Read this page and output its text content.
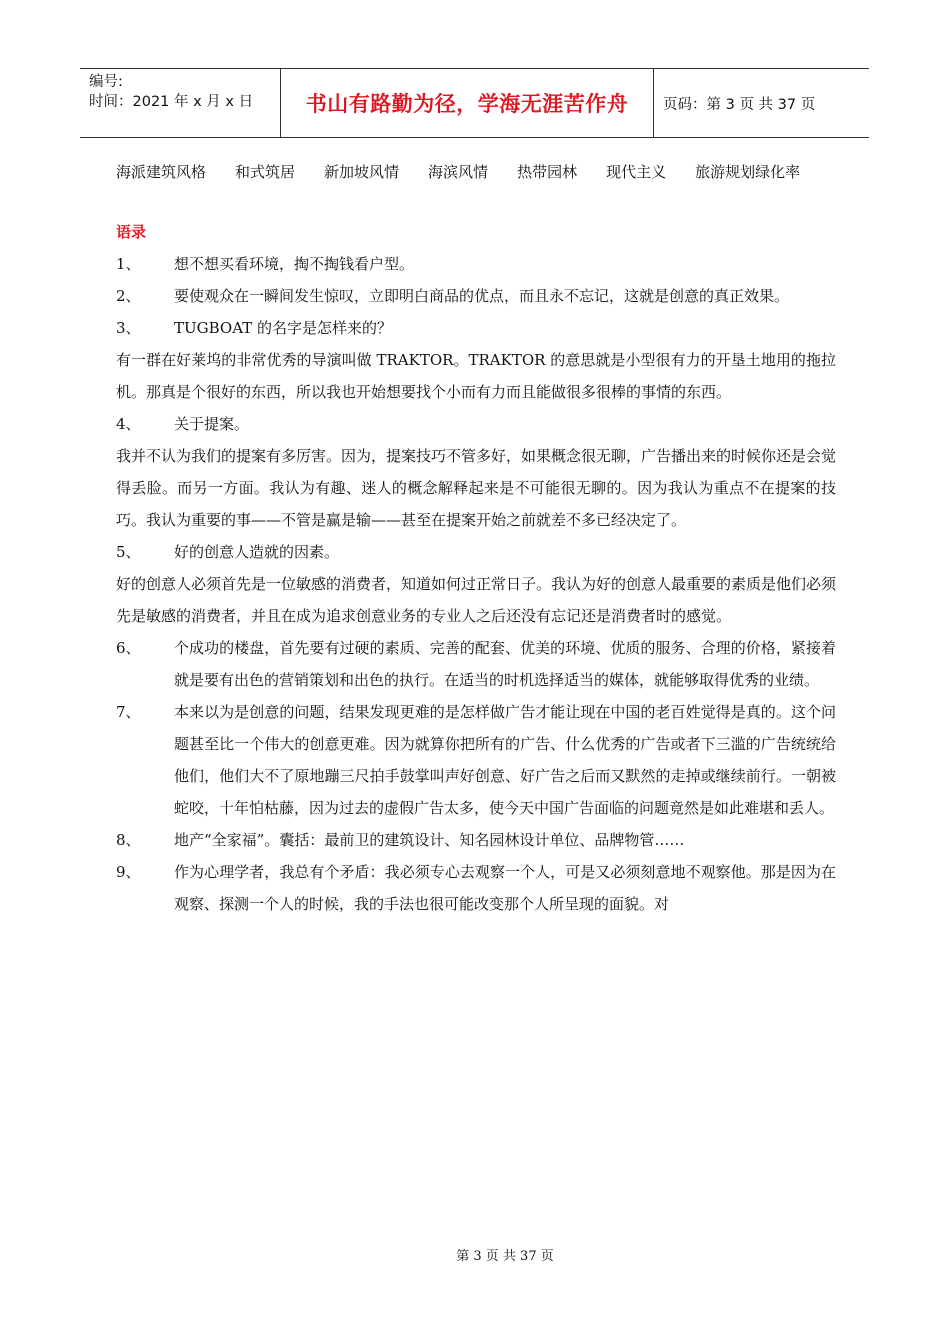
编号:
时间：2021 年 x 月 x 日	书山有路勤为径，学海无涯苦作舟	页码：第 3 页 共 37 页
海派建筑风格 和式筑居 新加坡风情 海滨风情 热带园林 现代主义 旅游规划 绿化率
语录
1、	想不想买看环境，掏不掏钱看户型。
2、	要使观众在一瞬间发生惊叹，立即明白商品的优点，而且永不忘记，这就是创意的真正效果。
3、	TUGBOAT 的名字是怎样来的？
有一群在好莱坞的非常优秀的导演叫做 TRAKTOR。TRAKTOR 的意思就是小型很有力的开垦土地用的拖拉机。那真是个很好的东西，所以我也开始想要找个小而有力而且能做很多很棒的事情的东西。
4、	关于提案。
我并不认为我们的提案有多厉害。因为，提案技巧不管多好，如果概念很无聊，广告播出来的时候你还是会觉得丢脸。而另一方面。我认为有趣、迷人的概念解释起来是不可能很无聊的。因为我认为重点不在提案的技巧。我认为重要的事——不管是赢是输——甚至在提案开始之前就差不多已经决定了。
5、	好的创意人造就的因素。
好的创意人必须首先是一位敏感的消费者，知道如何过正常日子。我认为好的创意人最重要的素质是他们必须先是敏感的消费者，并且在成为追求创意业务的专业人之后还没有忘记还是消费者时的感觉。
6、	个成功的楼盘，首先要有过硬的素质、完善的配套、优美的环境、优质的服务、合理的价格，紧接着就是要有出色的营销策划和出色的执行。在适当的时机选择适当的媒体，就能够取得优秀的业绩。
7、	本来以为是创意的问题，结果发现更难的是怎样做广告才能让现在中国的老百姓觉得是真的。这个问题甚至比一个伟大的创意更难。因为就算你把所有的广告、什么优秀的广告或者下三滥的广告统统给他们，他们大不了原地蹦三尺拍手鼓掌叫声好创意、好广告之后而又默然的走掉或继续前行。一朝被蛇咬，十年怕枯藤，因为过去的虚假广告太多，使今天中国广告面临的问题竟然是如此难堪和丢人。
8、	地产“全家福”。囊括：最前卫的建筑设计、知名园林设计单位、品牌物管……
9、	作为心理学者，我总有个矛盾：我必须专心去观察一个人，可是又必须刻意地不观察他。那是因为在观察、探测一个人的时候，我的手法也很可能改变那个人所呈现的面貌。对
第 3 页 共 37 页
